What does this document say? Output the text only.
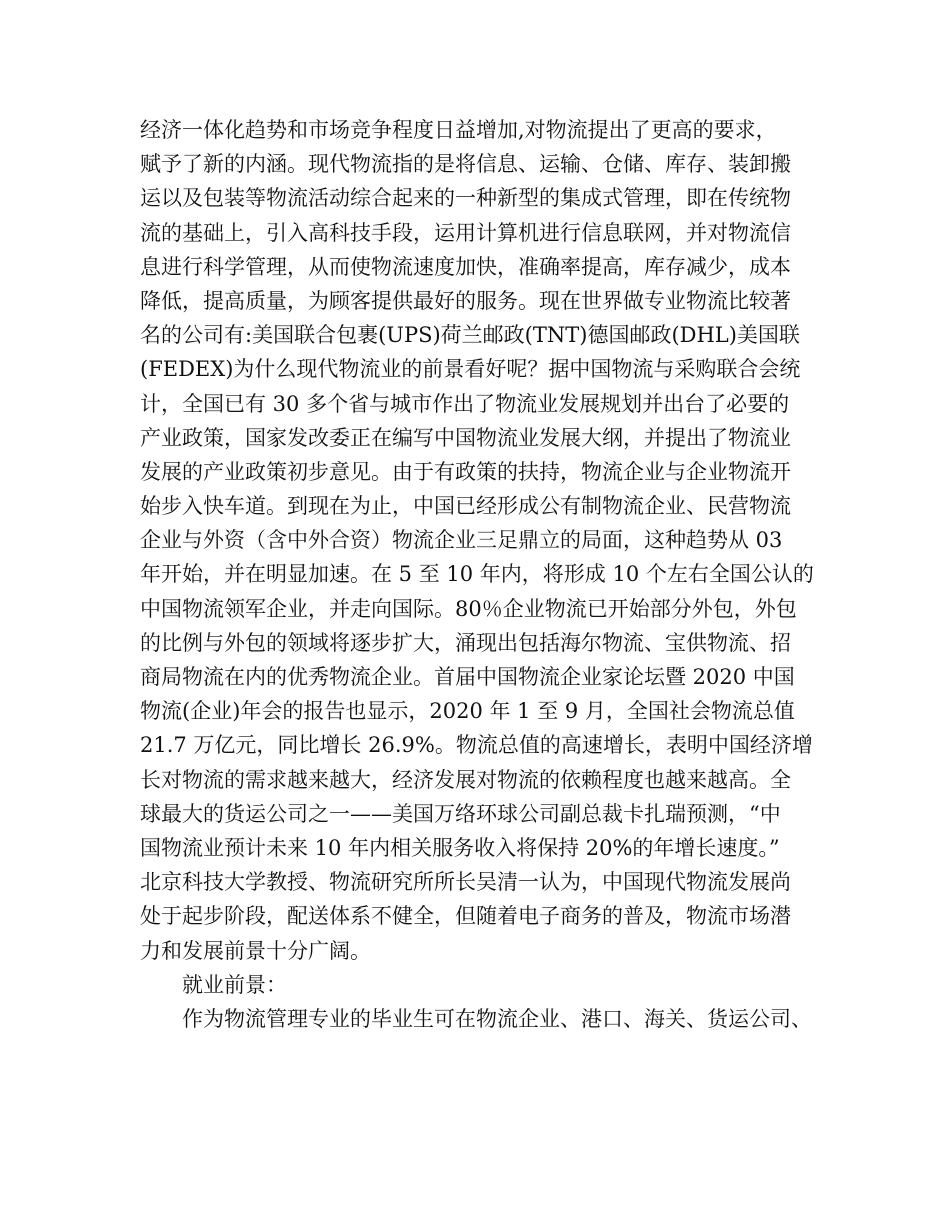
经济一体化趋势和市场竞争程度日益增加,对物流提出了更高的要求，
赋予了新的内涵。现代物流指的是将信息、运输、仓储、库存、装卸搬
运以及包装等物流活动综合起来的一种新型的集成式管理，即在传统物
流的基础上，引入高科技手段，运用计算机进行信息联网，并对物流信
息进行科学管理，从而使物流速度加快，准确率提高，库存减少，成本
降低，提高质量，为顾客提供最好的服务。现在世界做专业物流比较著
名的公司有:美国联合包裹(UPS)荷兰邮政(TNT)德国邮政(DHL)美国联
(FEDEX)为什么现代物流业的前景看好呢？据中国物流与采购联合会统
计，全国已有 30 多个省与城市作出了物流业发展规划并出台了必要的
产业政策，国家发改委正在编写中国物流业发展大纲，并提出了物流业
发展的产业政策初步意见。由于有政策的扶持，物流企业与企业物流开
始步入快车道。到现在为止，中国已经形成公有制物流企业、民营物流
企业与外资（含中外合资）物流企业三足鼎立的局面，这种趋势从 03
年开始，并在明显加速。在 5 至 10 年内，将形成 10 个左右全国公认的
中国物流领军企业，并走向国际。80％企业物流已开始部分外包，外包
的比例与外包的领域将逐步扩大，涌现出包括海尔物流、宝供物流、招
商局物流在内的优秀物流企业。首届中国物流企业家论坛暨 2020 中国
物流(企业)年会的报告也显示，2020 年 1 至 9 月，全国社会物流总值
21.7 万亿元，同比增长 26.9%。物流总值的高速增长，表明中国经济增
长对物流的需求越来越大，经济发展对物流的依赖程度也越来越高。全
球最大的货运公司之一——美国万络环球公司副总裁卡扎瑞预测，“中
国物流业预计未来 10 年内相关服务收入将保持 20%的年增长速度。”
北京科技大学教授、物流研究所所长吴清一认为，中国现代物流发展尚
处于起步阶段，配送体系不健全，但随着电子商务的普及，物流市场潜
力和发展前景十分广阔。
就业前景：
作为物流管理专业的毕业生可在物流企业、港口、海关、货运公司、
